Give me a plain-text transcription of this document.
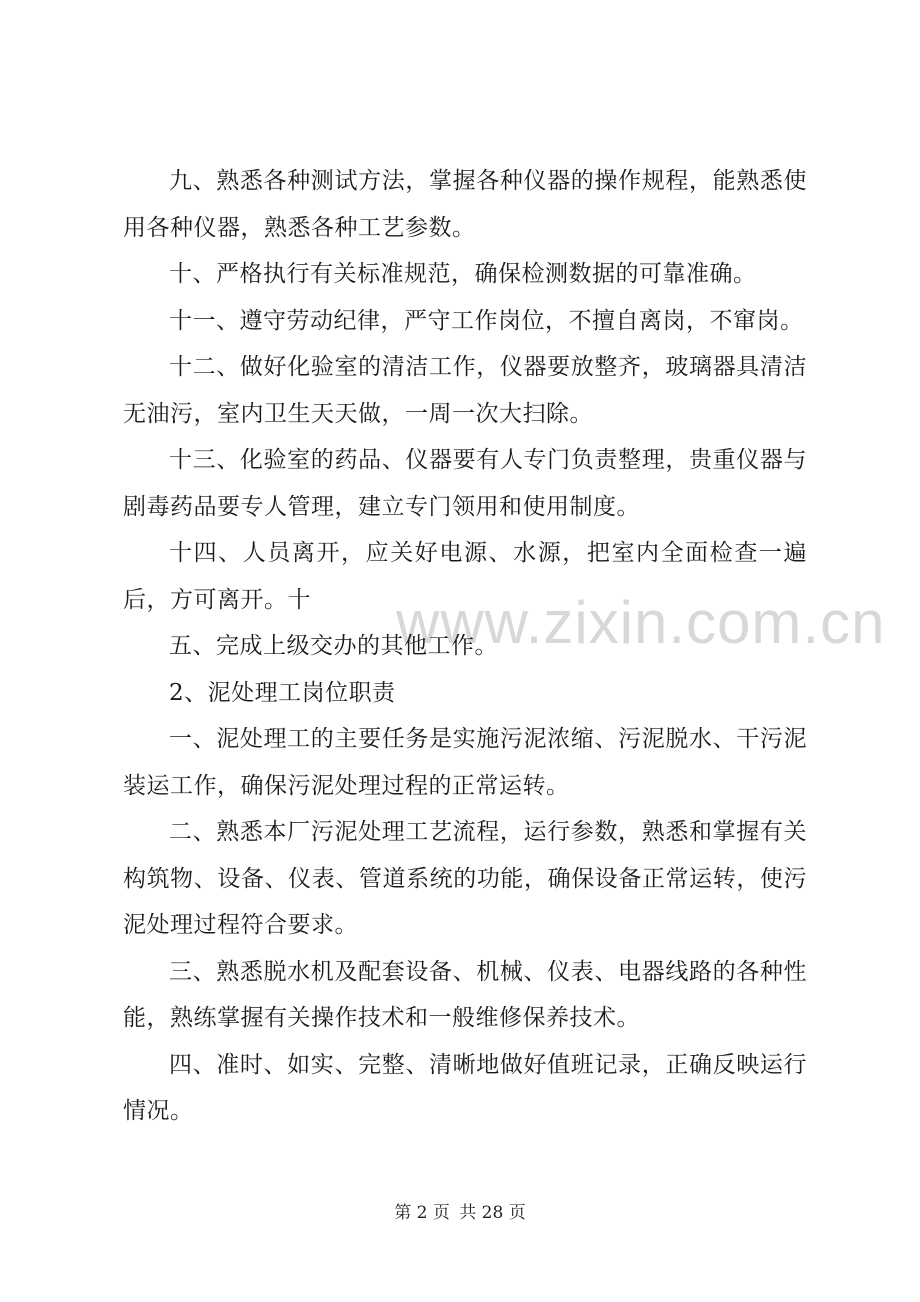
www.zixin.com.cn

九、熟悉各种测试方法，掌握各种仪器的操作规程，能熟悉使用各种仪器，熟悉各种工艺参数。

十、严格执行有关标准规范，确保检测数据的可靠准确。

十一、遵守劳动纪律，严守工作岗位，不擅自离岗，不窜岗。

十二、做好化验室的清洁工作，仪器要放整齐，玻璃器具清洁无油污，室内卫生天天做，一周一次大扫除。

十三、化验室的药品、仪器要有人专门负责整理，贵重仪器与剧毒药品要专人管理，建立专门领用和使用制度。

十四、人员离开，应关好电源、水源，把室内全面检查一遍后，方可离开。十

五、完成上级交办的其他工作。

2、泥处理工岗位职责

一、泥处理工的主要任务是实施污泥浓缩、污泥脱水、干污泥装运工作，确保污泥处理过程的正常运转。

二、熟悉本厂污泥处理工艺流程，运行参数，熟悉和掌握有关构筑物、设备、仪表、管道系统的功能，确保设备正常运转，使污泥处理过程符合要求。

三、熟悉脱水机及配套设备、机械、仪表、电器线路的各种性能，熟练掌握有关操作技术和一般维修保养技术。

四、准时、如实、完整、清晰地做好值班记录，正确反映运行情况。

第 2 页 共 28 页
